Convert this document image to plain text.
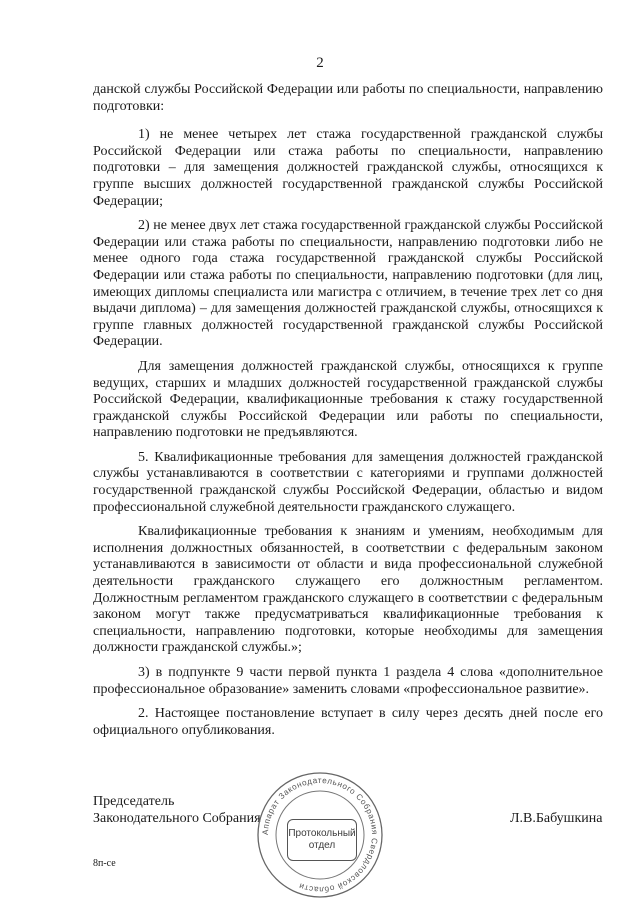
2

данской службы Российской Федерации или работы по специальности, направлению подготовки:

1) не менее четырех лет стажа государственной гражданской службы Российской Федерации или стажа работы по специальности, направлению подготовки – для замещения должностей гражданской службы, относящихся к группе высших должностей государственной гражданской службы Российской Федерации;

2) не менее двух лет стажа государственной гражданской службы Российской Федерации или стажа работы по специальности, направлению подготовки либо не менее одного года стажа государственной гражданской службы Российской Федерации или стажа работы по специальности, направлению подготовки (для лиц, имеющих дипломы специалиста или магистра с отличием, в течение трех лет со дня выдачи диплома) – для замещения должностей гражданской службы, относящихся к группе главных должностей государственной гражданской службы Российской Федерации.

Для замещения должностей гражданской службы, относящихся к группе ведущих, старших и младших должностей государственной гражданской службы Российской Федерации, квалификационные требования к стажу государственной гражданской службы Российской Федерации или работы по специальности, направлению подготовки не предъявляются.

5. Квалификационные требования для замещения должностей гражданской службы устанавливаются в соответствии с категориями и группами должностей государственной гражданской службы Российской Федерации, областью и видом профессиональной служебной деятельности гражданского служащего.

Квалификационные требования к знаниям и умениям, необходимым для исполнения должностных обязанностей, в соответствии с федеральным законом устанавливаются в зависимости от области и вида профессиональной служебной деятельности гражданского служащего его должностным регламентом. Должностным регламентом гражданского служащего в соответствии с федеральным законом могут также предусматриваться квалификационные требования к специальности, направлению подготовки, которые необходимы для замещения должности гражданской службы.»;

3) в подпункте 9 части первой пункта 1 раздела 4 слова «дополнительное профессиональное образование» заменить словами «профессиональное развитие».

2. Настоящее постановление вступает в силу через десять дней после его официального опубликования.

Председатель
Законодательного Собрания	Л.В.Бабушкина
Аппарат Законодательного Собрания Свердловской области
Протокольный
отдел
8п-се
